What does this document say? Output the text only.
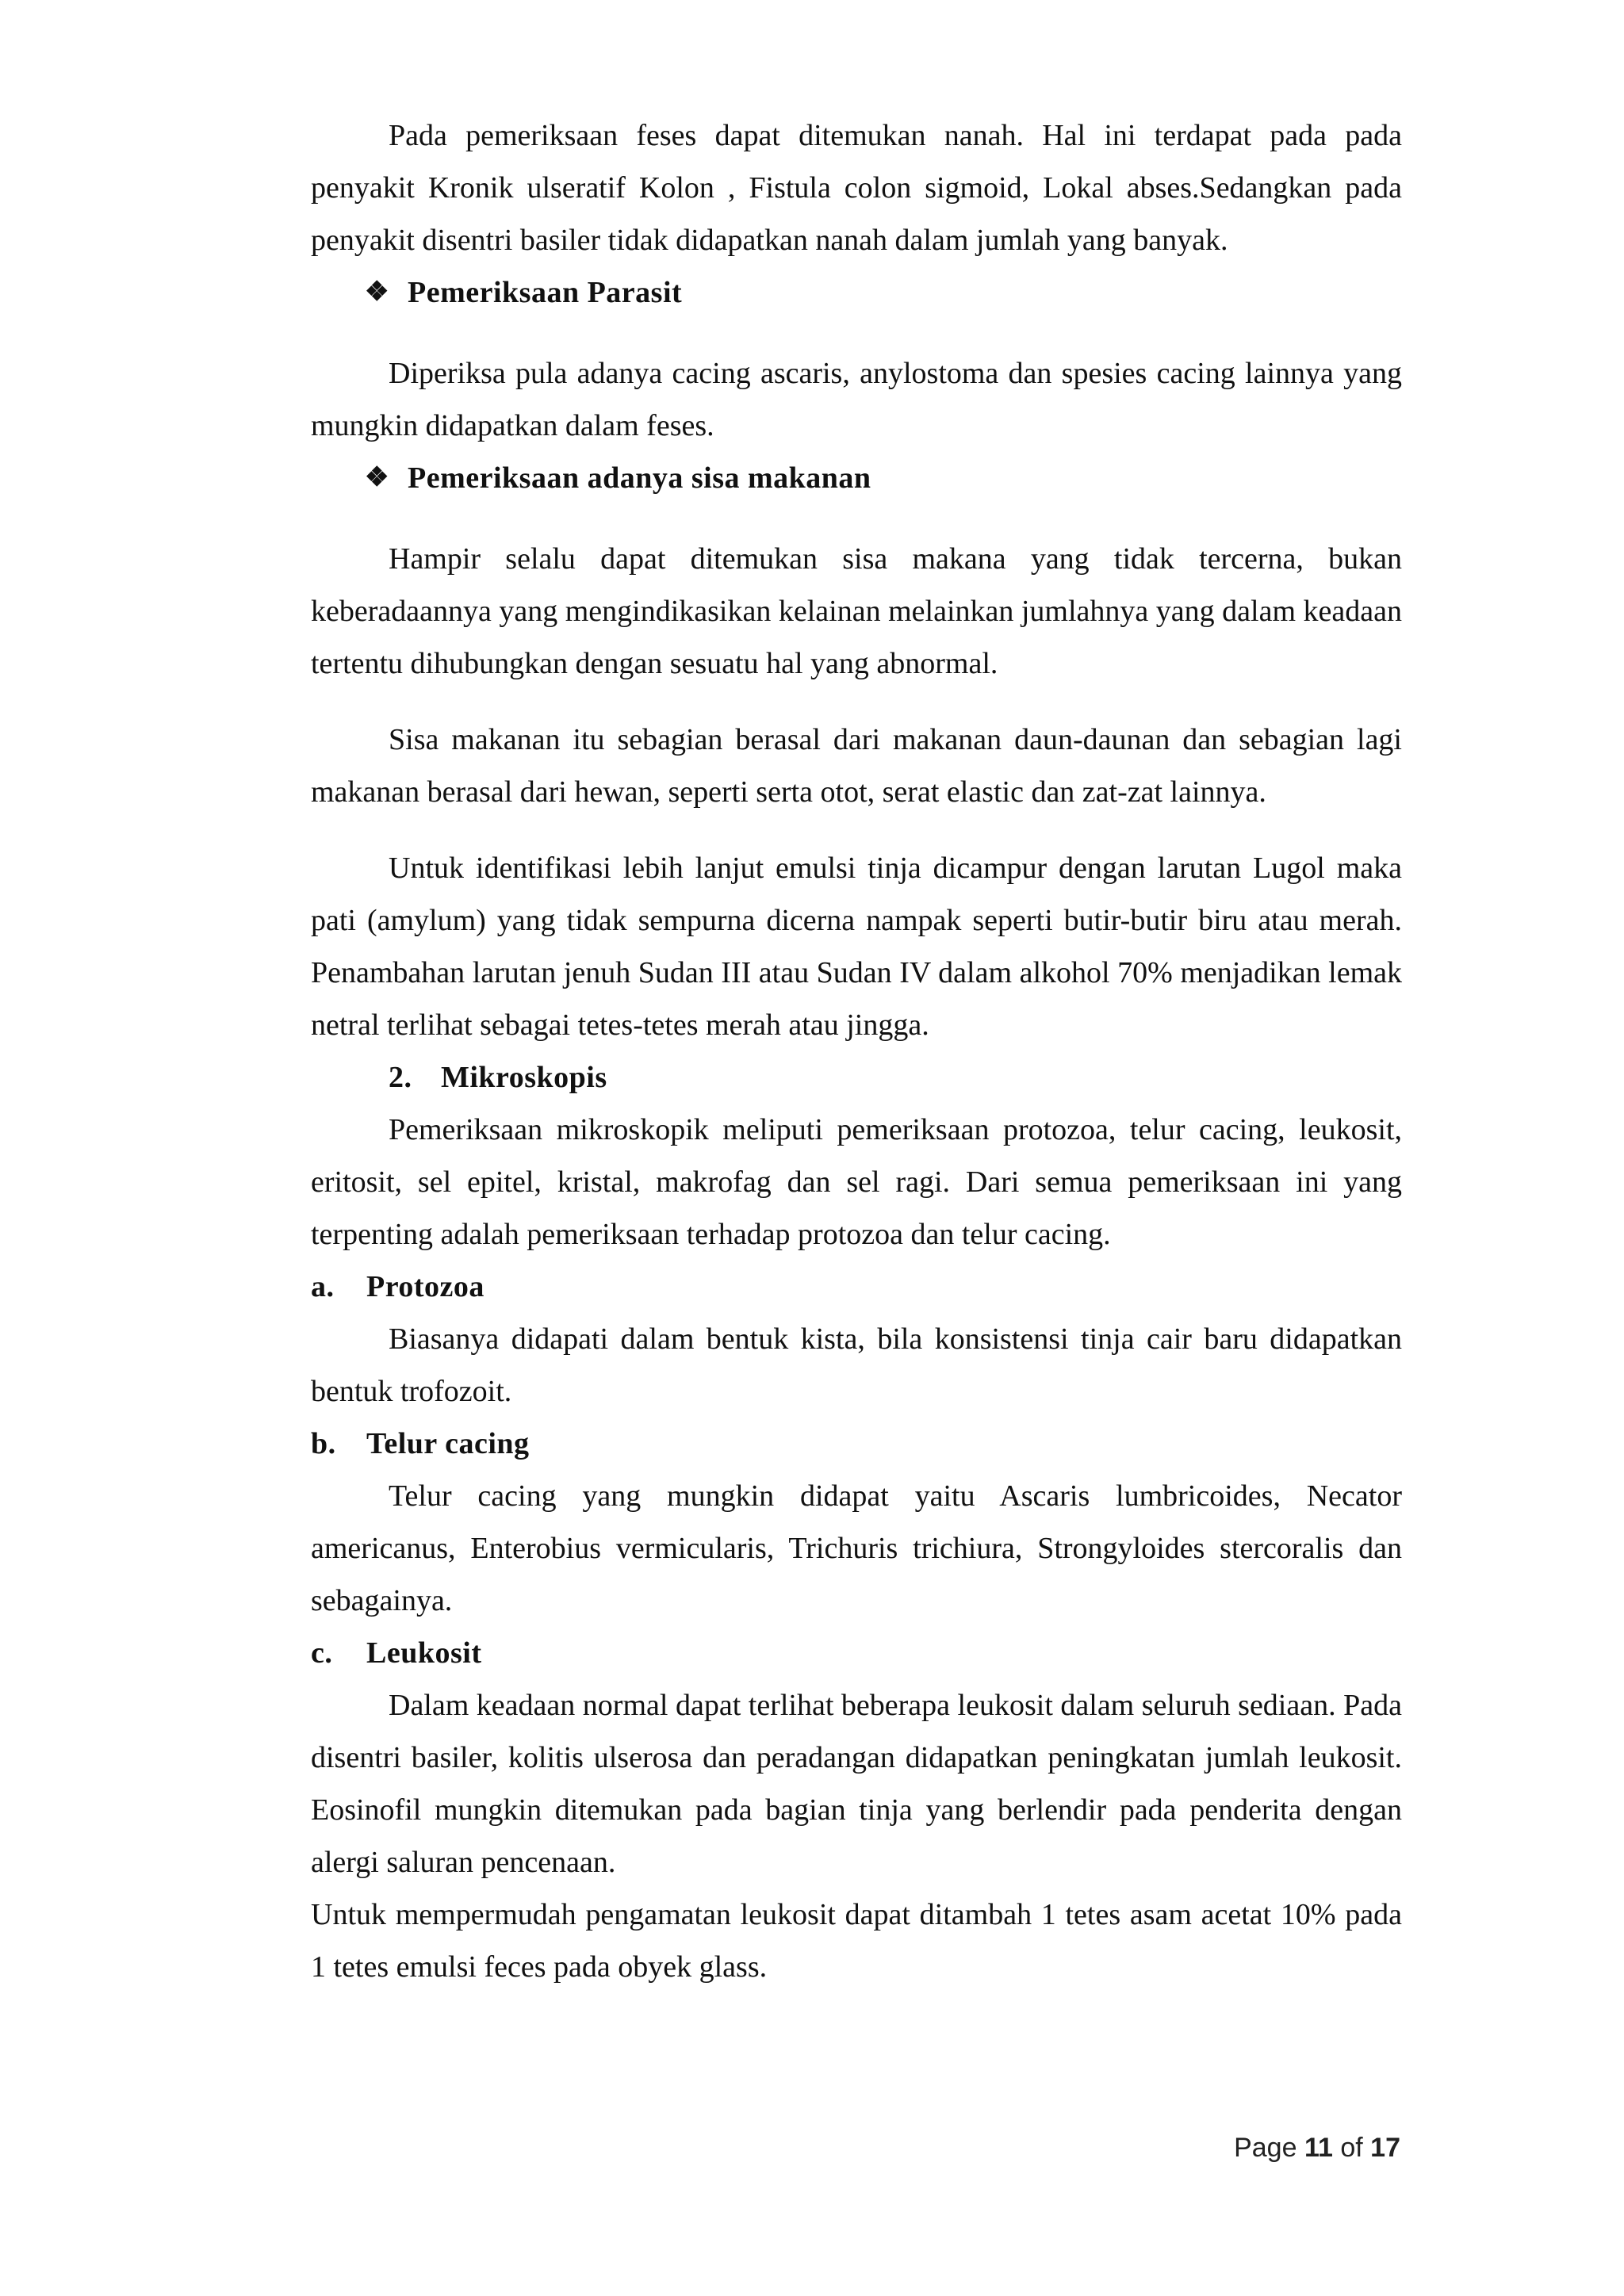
Pada pemeriksaan feses dapat ditemukan nanah. Hal ini terdapat pada pada penyakit Kronik ulseratif Kolon , Fistula colon sigmoid, Lokal abses.Sedangkan pada penyakit disentri basiler tidak didapatkan nanah dalam jumlah yang banyak.

❖ Pemeriksaan Parasit

Diperiksa pula adanya cacing ascaris, anylostoma dan spesies cacing lainnya yang mungkin didapatkan dalam feses.

❖ Pemeriksaan adanya sisa makanan

Hampir selalu dapat ditemukan sisa makana yang tidak tercerna, bukan keberadaannya yang mengindikasikan kelainan melainkan jumlahnya yang dalam keadaan tertentu dihubungkan dengan sesuatu hal yang abnormal.

Sisa makanan itu sebagian berasal dari makanan daun-daunan dan sebagian lagi makanan berasal dari hewan, seperti serta otot, serat elastic dan zat-zat lainnya.

Untuk identifikasi lebih lanjut emulsi tinja dicampur dengan larutan Lugol maka pati (amylum) yang tidak sempurna dicerna nampak seperti butir-butir biru atau merah. Penambahan larutan jenuh Sudan III atau Sudan IV dalam alkohol 70% menjadikan lemak netral terlihat sebagai tetes-tetes merah atau jingga.

2. Mikroskopis

Pemeriksaan mikroskopik meliputi pemeriksaan protozoa, telur cacing, leukosit, eritosit, sel epitel, kristal, makrofag dan sel ragi. Dari semua pemeriksaan ini yang terpenting adalah pemeriksaan terhadap protozoa dan telur cacing.

a. Protozoa

Biasanya didapati dalam bentuk kista, bila konsistensi tinja cair baru didapatkan bentuk trofozoit.

b. Telur cacing

Telur cacing yang mungkin didapat yaitu Ascaris lumbricoides, Necator americanus, Enterobius vermicularis, Trichuris trichiura, Strongyloides stercoralis dan sebagainya.

c. Leukosit

Dalam keadaan normal dapat terlihat beberapa leukosit dalam seluruh sediaan. Pada disentri basiler, kolitis ulserosa dan peradangan didapatkan peningkatan jumlah leukosit. Eosinofil mungkin ditemukan pada bagian tinja yang berlendir pada penderita dengan alergi saluran pencenaan.

Untuk mempermudah pengamatan leukosit dapat ditambah 1 tetes asam acetat 10% pada 1 tetes emulsi feces pada obyek glass.

Page 11 of 17
